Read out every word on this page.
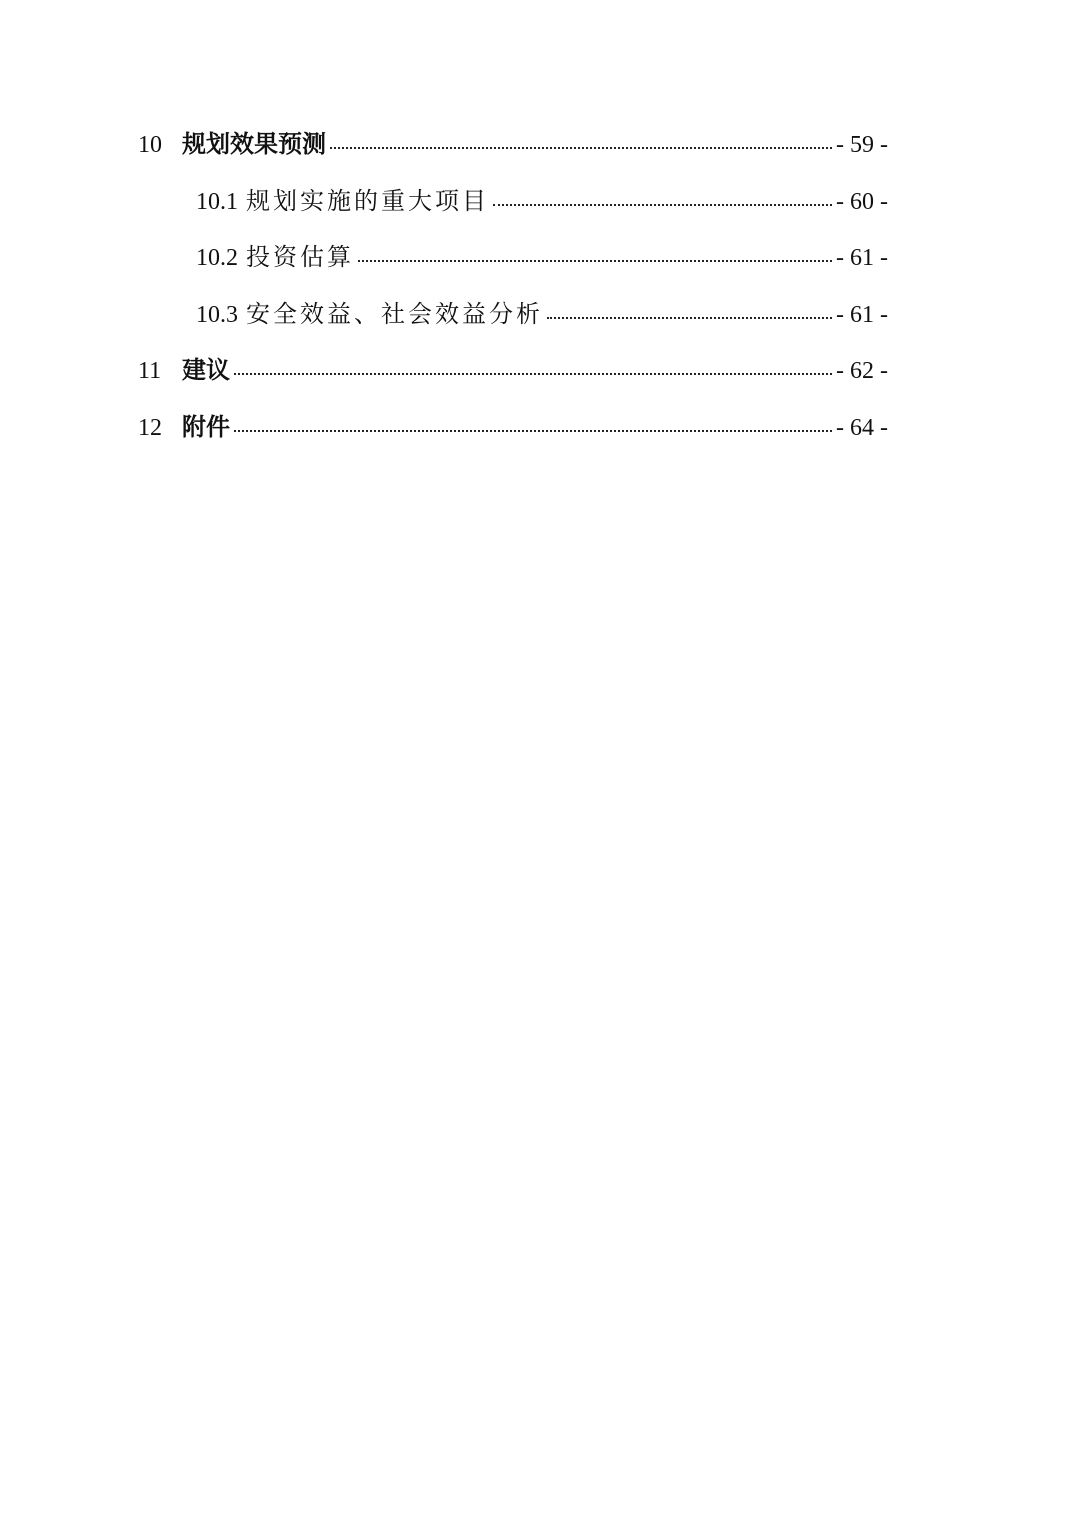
10 规划效果预测	- 59 -
10.1 规划实施的重大项目	- 60 -
10.2 投资估算	- 61 -
10.3 安全效益、社会效益分析	- 61 -
11 建议	- 62 -
12 附件	- 64 -
